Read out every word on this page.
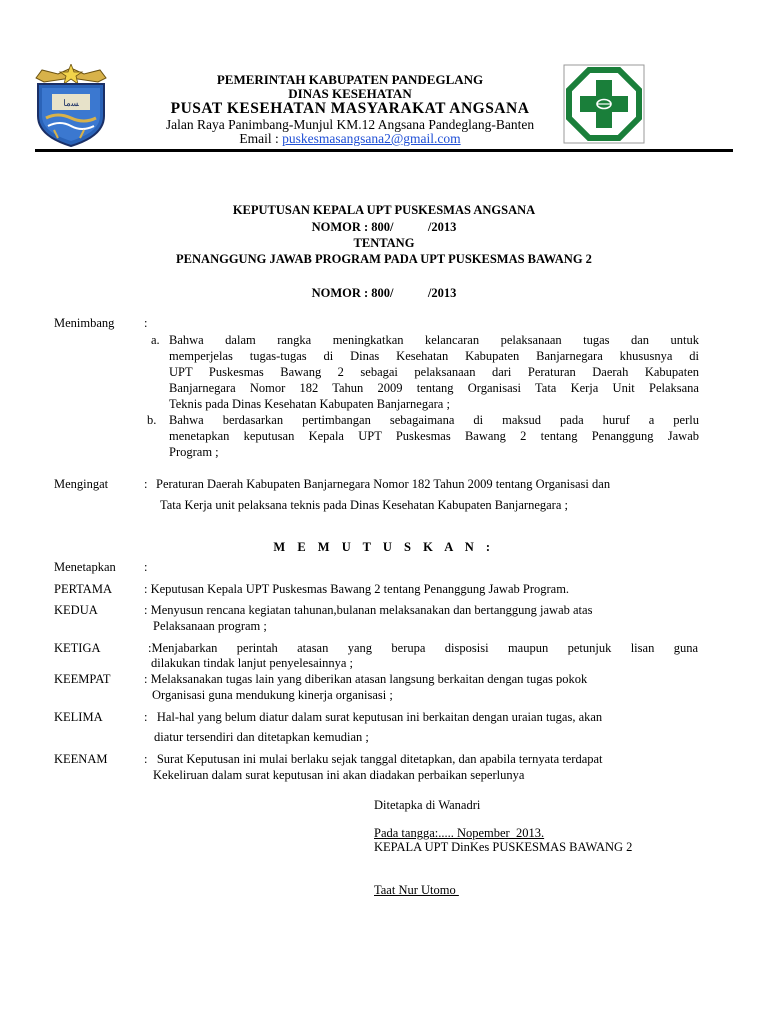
ﺴﻣﺎ
PEMERINTAH KABUPATEN PANDEGLANG
DINAS KESEHATAN
PUSAT KESEHATAN MASYARAKAT ANGSANA
Jalan Raya Panimbang-Munjul KM.12 Angsana Pandeglang-Banten
Email : puskesmasangsana2@gmail.com
KEPUTUSAN KEPALA UPT PUSKESMAS ANGSANA
NOMOR : 800/           /2013
TENTANG
PENANGGUNG JAWAB PROGRAM PADA UPT PUSKESMAS BAWANG 2
NOMOR : 800/           /2013
Menimbang :
a. Bahwa dalam rangka meningkatkan kelancaran pelaksanaan tugas dan untuk
memperjelas tugas-tugas di Dinas Kesehatan Kabupaten Banjarnegara khususnya di
UPT Puskesmas Bawang 2 sebagai pelaksanaan dari Peraturan Daerah Kabupaten
Banjarnegara Nomor 182 Tahun 2009 tentang Organisasi Tata Kerja Unit Pelaksana
Teknis pada Dinas Kesehatan Kabupaten Banjarnegara ;
b. Bahwa berdasarkan pertimbangan sebagaimana di maksud pada huruf a perlu
menetapkan keputusan Kepala UPT Puskesmas Bawang 2 tentang Penanggung Jawab
Program ;
Mengingat	: Peraturan Daerah Kabupaten Banjarnegara Nomor 182 Tahun 2009 tentang Organisasi dan
Tata Kerja unit pelaksana teknis pada Dinas Kesehatan Kabupaten Banjarnegara ;
M E M U T U S K A N :
Menetapkan :
PERTAMA	: Keputusan Kepala UPT Puskesmas Bawang 2 tentang Penanggung Jawab Program.
KEDUA	: Menyusun rencana kegiatan tahunan,bulanan melaksanakan dan bertanggung jawab atas
Pelaksanaan program ;
KETIGA	:Menjabarkan perintah atasan yang berupa disposisi maupun petunjuk lisan guna
dilakukan tindak lanjut penyelesainnya ;
KEEMPAT	: Melaksanakan tugas lain yang diberikan atasan langsung berkaitan dengan tugas pokok
Organisasi guna mendukung kinerja organisasi ;
KELIMA	:   Hal-hal yang belum diatur dalam surat keputusan ini berkaitan dengan uraian tugas, akan
diatur tersendiri dan ditetapkan kemudian ;
KEENAM	:   Surat Keputusan ini mulai berlaku sejak tanggal ditetapkan, dan apabila ternyata terdapat
Kekeliruan dalam surat keputusan ini akan diadakan perbaikan seperlunya
Ditetapka di Wanadri
Pada tangga:..... Nopember  2013.
KEPALA UPT DinKes PUSKESMAS BAWANG 2
Taat Nur Utomo
